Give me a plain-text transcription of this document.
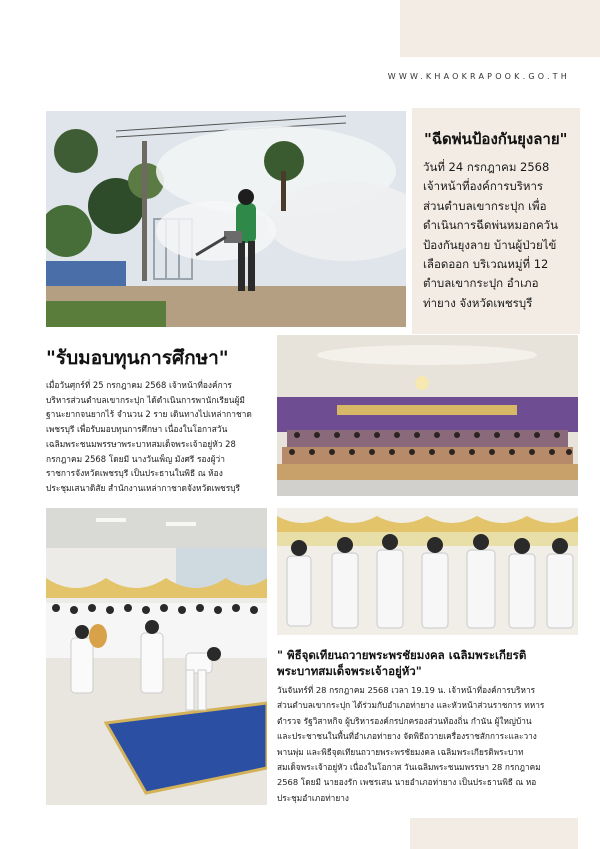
WWW.KHAOKRAPOOK.GO.TH
"ฉีดพ่นป้องกันยุงลาย"
วันที่ 24 กรกฎาคม 2568
เจ้าหน้าที่องค์การบริหาร
ส่วนตำบลเขากระปุก เพื่อ
ดำเนินการฉีดพ่นหมอกควัน
ป้องกันยุงลาย บ้านผู้ป่วยไข้
เลือดออก บริเวณหมู่ที่ 12
ตำบลเขากระปุก อำเภอ
ท่ายาง จังหวัดเพชรบุรี
"รับมอบทุนการศึกษา"
เมื่อวันศุกร์ที่ 25 กรกฎาคม 2568 เจ้าหน้าที่องค์การ
บริหารส่วนตำบลเขากระปุก ได้ดำเนินการพานักเรียนผู้มี
ฐานะยากจนยากไร้ จำนวน 2 ราย เดินทางไปเหล่ากาชาด
เพชรบุรี เพื่อรับมอบทุนการศึกษา เนื่องในโอกาสวัน
เฉลิมพระชนมพรรษาพระบาทสมเด็จพระเจ้าอยู่หัว 28
กรกฎาคม 2568 โดยมี นางวันเพ็ญ มังศรี รองผู้ว่า
ราชการจังหวัดเพชรบุรี เป็นประธานในพิธี ณ ห้อง
ประชุมเสนาดิสัย สำนักงานเหล่ากาชาดจังหวัดเพชรบุรี
" พิธีจุดเทียนถวายพระพรชัยมงคล เฉลิมพระเกียรติ
พระบาทสมเด็จพระเจ้าอยู่หัว"
วันจันทร์ที่ 28 กรกฎาคม 2568 เวลา 19.19 น. เจ้าหน้าที่องค์การบริหาร
ส่วนตำบลเขากระปุก ได้ร่วมกับอำเภอท่ายาง และหัวหน้าส่วนราชการ ทหาร
ตำรวจ รัฐวิสาหกิจ ผู้บริหารองค์กรปกครองส่วนท้องถิ่น กำนัน ผู้ใหญ่บ้าน
และประชาชนในพื้นที่อำเภอท่ายาง จัดพิธีถวายเครื่องราชสักการะและวาง
พานพุ่ม และพิธีจุดเทียนถวายพระพรชัยมงคล เฉลิมพระเกียรติพระบาท
สมเด็จพระเจ้าอยู่หัว เนื่องในโอกาส วันเฉลิมพระชนมพรรษา 28 กรกฎาคม
2568 โดยมี นายองรัก เพชรเสน นายอำเภอท่ายาง เป็นประธานพิธี ณ หอ
ประชุมอำเภอท่ายาง
